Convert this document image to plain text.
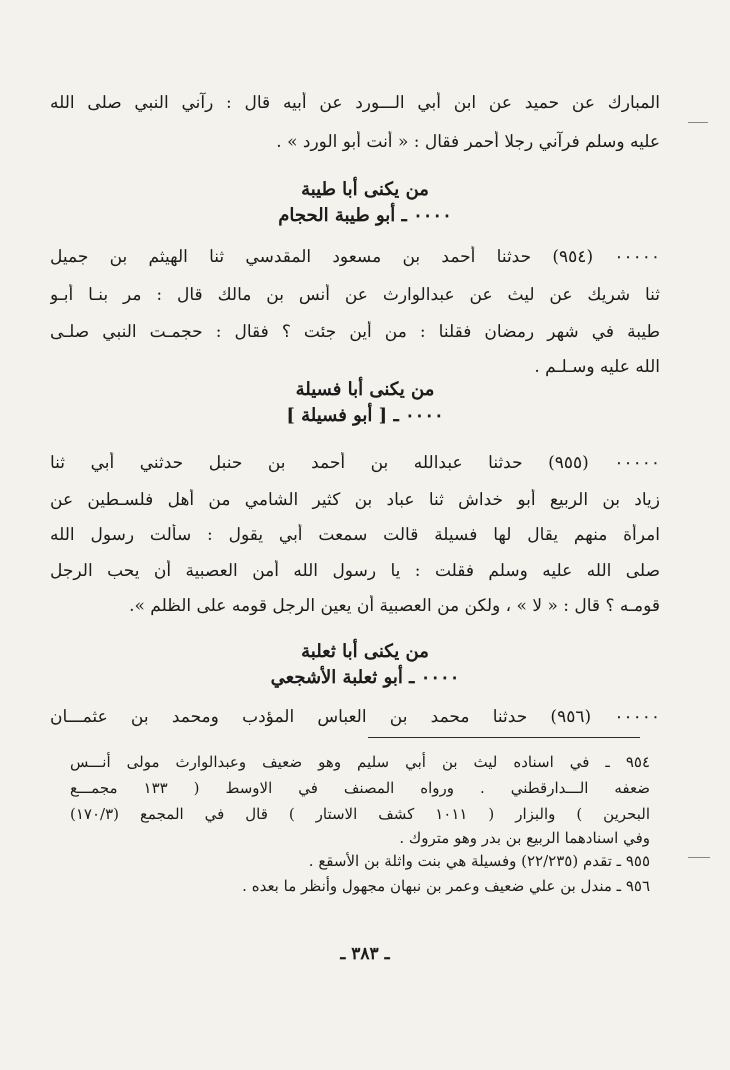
المبارك عن حميد عن ابن أبي الـــورد عن أبيه قال : رآني النبي صلى الله
عليه وسلم فرآني رجلا أحمر فقال : « أنت أبو الورد » .
من يكنى أبا طيبة
٠٠٠٠ ـ أبو طيبة الحجام
٠٠٠٠٠ (٩٥٤) حدثنا أحمد بن مسعود المقدسي ثنا الهيثم بن جميل
ثنا شريك عن ليث عن عبدالوارث عن أنس بن مالك قال : مر بنـا أبـو
طيبة في شهر رمضان فقلنا : من أين جئت ؟ فقال : حجمـت النبي صلـى
الله عليه وسـلـم .
من يكنى أبا فسيلة
٠٠٠٠ ـ [ أبو فسيلة ]
٠٠٠٠٠ (٩٥٥) حدثنا عبدالله بن أحمد بن حنبل حدثني أبي ثنا
زياد بن الربيع أبو خداش ثنا عباد بن كثير الشامي من أهل فلسـطين عن
امرأة منهم يقال لها فسيلة قالت سمعت أبي يقول : سألت رسول الله
صلى الله عليه وسلم فقلت : يا رسول الله أمن العصبية أن يحب الرجل
قومـه ؟ قال : « لا » ، ولكن من العصبية أن يعين الرجل قومه على الظلم ».
من يكنى أبا ثعلبة
٠٠٠٠ ـ أبو ثعلبة الأشجعي
٠٠٠٠٠ (٩٥٦) حدثنا محمد بن العباس المؤدب ومحمد بن عثمـــان
٩٥٤ ـ في اسناده ليث بن أبي سليم وهو ضعيف وعبدالوارث مولى أنـــس
ضعفه الـــدارقطني . ورواه المصنف في الاوسط ( ١٣٣ مجمـــع
البحرين ) والبزار ( ١٠١١ كشف الاستار ) قال في المجمع (١٧٠/٣)
وفي اسنادهما الربيع بن بدر وهو متروك .
٩٥٥ ـ تقدم (٢٢/٢٣٥) وفسيلة هي بنت واثلة بن الأسقع .
٩٥٦ ـ مندل بن علي ضعيف وعمر بن نبهان مجهول وأنظر ما بعده .
ـ ٣٨٣ ـ
